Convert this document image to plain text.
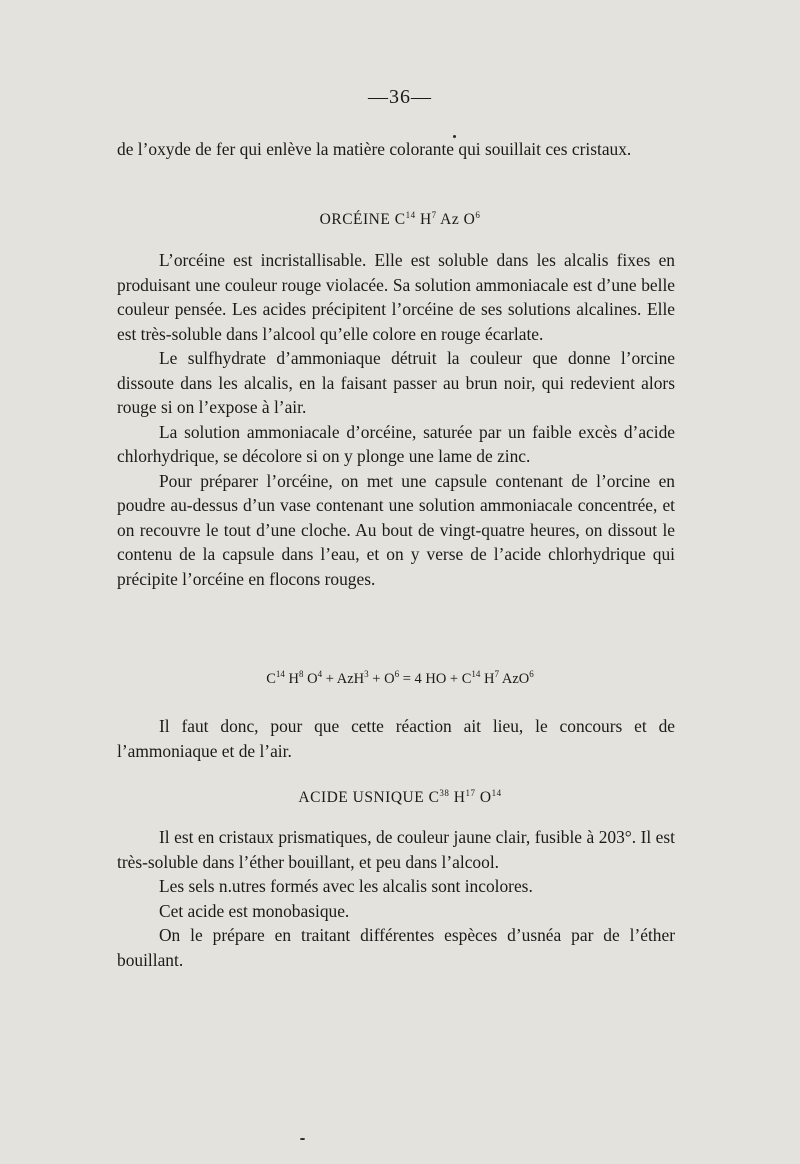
—36—

de l’oxyde de fer qui enlève la matière colorante qui souillait ces cristaux.

ORCÉINE $C^{14}$ $H^7$ Az $O^6$

L’orcéine est incristallisable. Elle est soluble dans les alcalis fixes en produisant une couleur rouge violacée. Sa solution ammoniacale est d’une belle couleur pensée. Les acides précipitent l’orcéine de ses solutions alcalines. Elle est très-soluble dans l’alcool qu’elle colore en rouge écarlate.

Le sulfhydrate d’ammoniaque détruit la couleur que donne l’orcine dissoute dans les alcalis, en la faisant passer au brun noir, qui redevient alors rouge si on l’expose à l’air.

La solution ammoniacale d’orcéine, saturée par un faible excès d’acide chlorhydrique, se décolore si on y plonge une lame de zinc.

Pour préparer l’orcéine, on met une capsule contenant de l’orcine en poudre au-dessus d’un vase contenant une solution ammoniacale concentrée, et on recouvre le tout d’une cloche. Au bout de vingt-quatre heures, on dissout le contenu de la capsule dans l’eau, et on y verse de l’acide chlorhydrique qui précipite l’orcéine en flocons rouges.

$C^{14}$ $H^8$ $O^4 + AzH^3 + O^6 = 4$ HO + $C^{14}$ $H^7$ AzO$^6$

Il faut donc, pour que cette réaction ait lieu, le concours et de l’ammoniaque et de l’air.

ACIDE USNIQUE $C^{38}$ $H^{17}$ $O^{14}$

Il est en cristaux prismatiques, de couleur jaune clair, fusible à 203°. Il est très-soluble dans l’éther bouillant, et peu dans l’alcool.

Les sels n.utres formés avec les alcalis sont incolores.

Cet acide est monobasique.

On le prépare en traitant différentes espèces d’usnéa par de l’éther bouillant.
